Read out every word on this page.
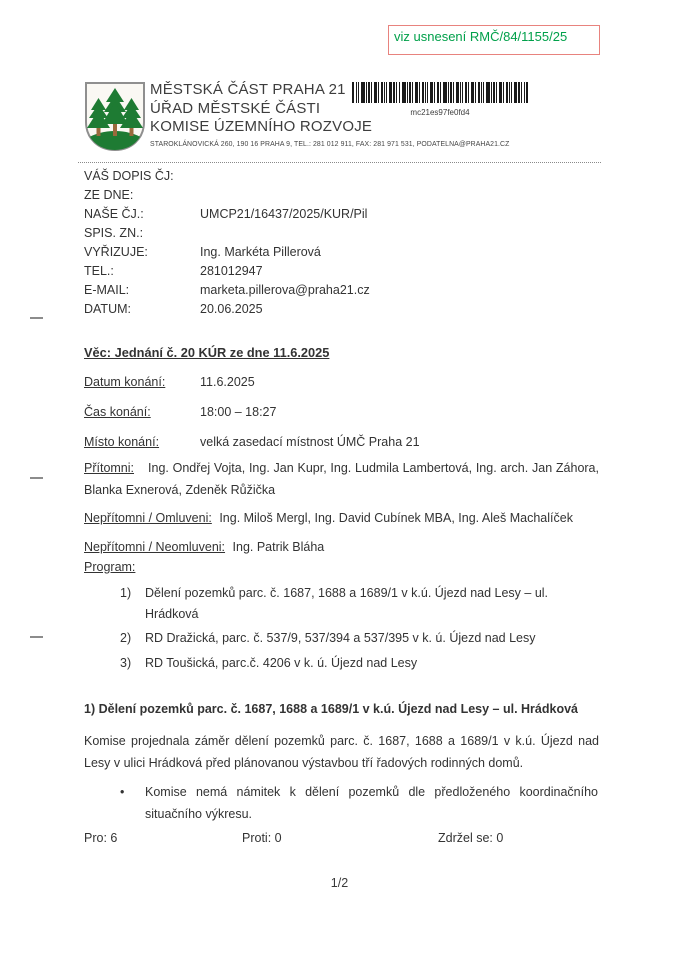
viz usnesení RMČ/84/1155/25
MĚSTSKÁ ČÁST PRAHA 21
ÚŘAD MĚSTSKÉ ČÁSTI
KOMISE ÚZEMNÍHO ROZVOJE
STAROKLÁNOVICKÁ 260, 190 16 PRAHA 9, TEL.: 281 012 911, FAX: 281 971 531, PODATELNA@PRAHA21.CZ
mc21es97fe0fd4
VÁŠ DOPIS ČJ:
ZE DNE:
NAŠE ČJ.:	UMCP21/16437/2025/KUR/Pil
SPIS. ZN.:
VYŘIZUJE:	Ing. Markéta Pillerová
TEL.:	281012947
E-MAIL:	marketa.pillerova@praha21.cz
DATUM:	20.06.2025

Věc: Jednání č. 20 KÚR ze dne 11.6.2025

Datum konání:	11.6.2025
Čas konání:	18:00 – 18:27
Místo konání:	velká zasedací místnost ÚMČ Praha 21

Přítomni: Ing. Ondřej Vojta, Ing. Jan Kupr, Ing. Ludmila Lambertová, Ing. arch. Jan Záhora, Blanka Exnerová, Zdeněk Růžička

Nepřítomni / Omluveni: Ing. Miloš Mergl, Ing. David Cubínek MBA, Ing. Aleš Machalíček

Nepřítomni / Neomluveni: Ing. Patrik Bláha

Program:

1)	Dělení pozemků parc. č. 1687, 1688 a 1689/1 v k.ú. Újezd nad Lesy – ul. Hrádková
2)	RD Dražická, parc. č. 537/9, 537/394 a 537/395 v k. ú. Újezd nad Lesy
3)	RD Toušická, parc.č. 4206 v k. ú. Újezd nad Lesy

1) Dělení pozemků parc. č. 1687, 1688 a 1689/1 v k.ú. Újezd nad Lesy – ul. Hrádková

Komise projednala záměr dělení pozemků parc. č. 1687, 1688 a 1689/1 v k.ú. Újezd nad Lesy v ulici Hrádková před plánovanou výstavbou tří řadových rodinných domů.

•	Komise nemá námitek k dělení pozemků dle předloženého koordinačního situačního výkresu.
Pro: 6	Proti: 0	Zdržel se: 0
1/2
